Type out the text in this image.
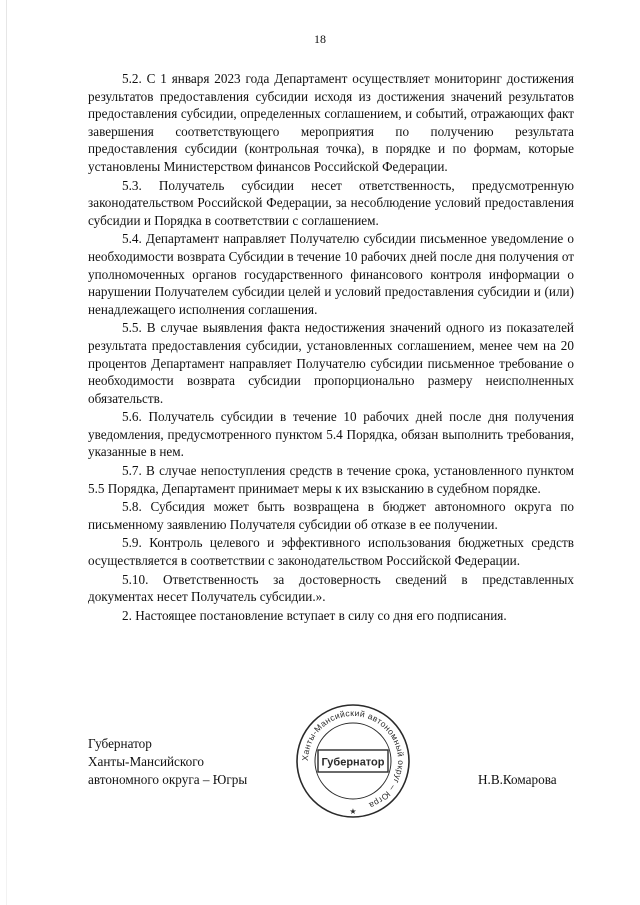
18

5.2. С 1 января 2023 года Департамент осуществляет мониторинг достижения результатов предоставления субсидии исходя из достижения значений результатов предоставления субсидии, определенных соглашением, и событий, отражающих факт завершения соответствующего мероприятия по получению результата предоставления субсидии (контрольная точка), в порядке и по формам, которые установлены Министерством финансов Российской Федерации.

5.3. Получатель субсидии несет ответственность, предусмотренную законодательством Российской Федерации, за несоблюдение условий предоставления субсидии и Порядка в соответствии с соглашением.

5.4. Департамент направляет Получателю субсидии письменное уведомление о необходимости возврата Субсидии в течение 10 рабочих дней после дня получения от уполномоченных органов государственного финансового контроля информации о нарушении Получателем субсидии целей и условий предоставления субсидии и (или) ненадлежащего исполнения соглашения.

5.5. В случае выявления факта недостижения значений одного из показателей результата предоставления субсидии, установленных соглашением, менее чем на 20 процентов Департамент направляет Получателю субсидии письменное требование о необходимости возврата субсидии пропорционально размеру неисполненных обязательств.

5.6. Получатель субсидии в течение 10 рабочих дней после дня получения уведомления, предусмотренного пунктом 5.4 Порядка, обязан выполнить требования, указанные в нем.

5.7. В случае непоступления средств в течение срока, установленного пунктом 5.5 Порядка, Департамент принимает меры к их взысканию в судебном порядке.

5.8. Субсидия может быть возвращена в бюджет автономного округа по письменному заявлению Получателя субсидии об отказе в ее получении.

5.9. Контроль целевого и эффективного использования бюджетных средств осуществляется в соответствии с законодательством Российской Федерации.

5.10. Ответственность за достоверность сведений в представленных документах несет Получатель субсидии.».

2. Настоящее постановление вступает в силу со дня его подписания.

Губернатор
Ханты-Мансийского
автономного округа – Югры
Ханты-Мансийский автономный округ – Югра
Губернатор
★
Н.В.Комарова
